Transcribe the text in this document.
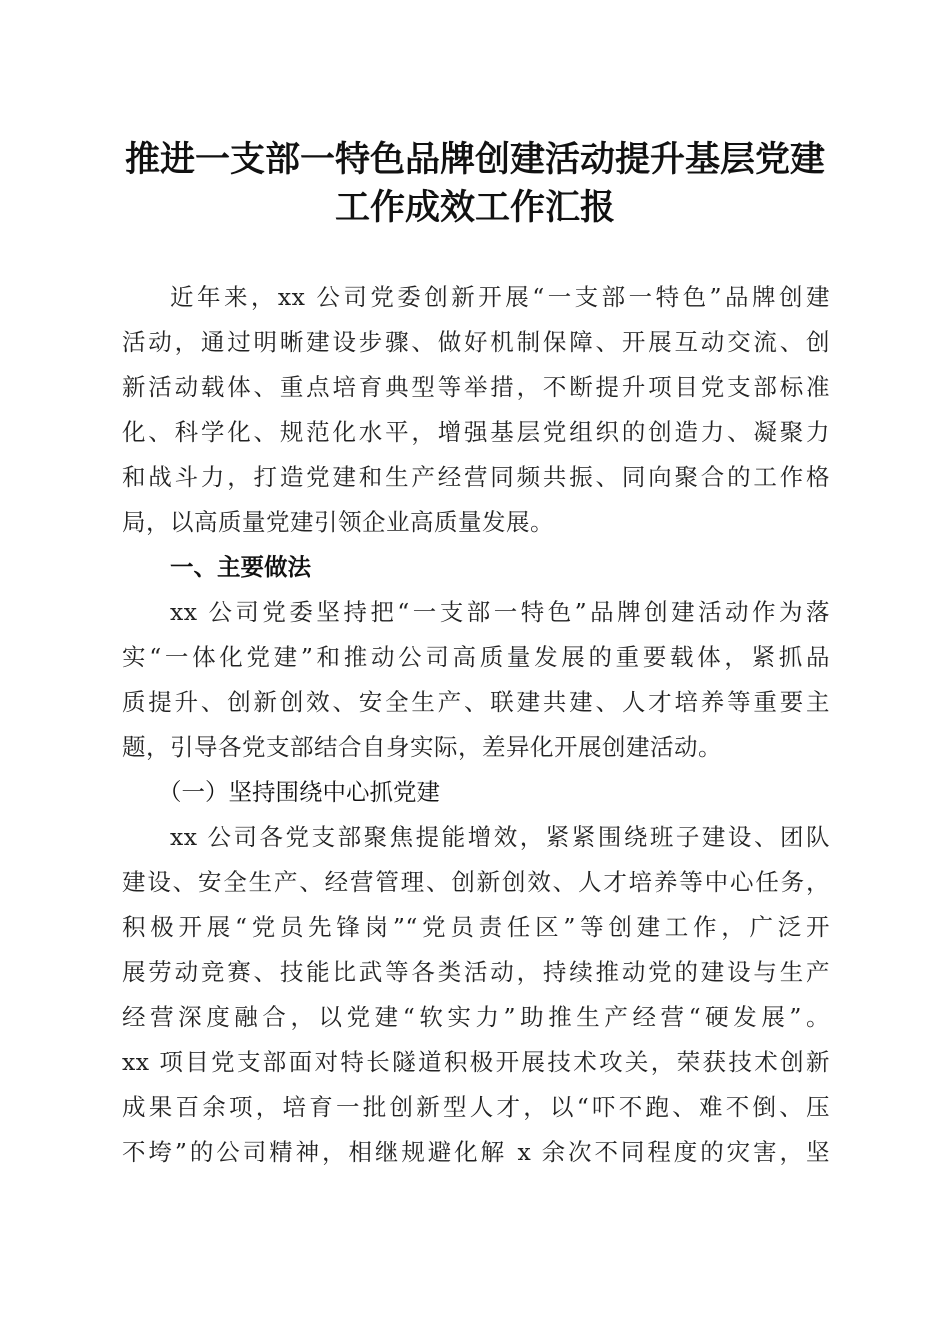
推进一支部一特色品牌创建活动提升基层党建
工作成效工作汇报
近年来，xx 公司党委创新开展“一支部一特色”品牌创建
活动，通过明晰建设步骤、做好机制保障、开展互动交流、创
新活动载体、重点培育典型等举措，不断提升项目党支部标准
化、科学化、规范化水平，增强基层党组织的创造力、凝聚力
和战斗力，打造党建和生产经营同频共振、同向聚合的工作格
局，以高质量党建引领企业高质量发展。
一、主要做法
xx 公司党委坚持把“一支部一特色”品牌创建活动作为落
实“一体化党建”和推动公司高质量发展的重要载体，紧抓品
质提升、创新创效、安全生产、联建共建、人才培养等重要主
题，引导各党支部结合自身实际，差异化开展创建活动。
（一）坚持围绕中心抓党建
xx 公司各党支部聚焦提能增效，紧紧围绕班子建设、团队
建设、安全生产、经营管理、创新创效、人才培养等中心任务，
积极开展“党员先锋岗”“党员责任区”等创建工作，广泛开
展劳动竞赛、技能比武等各类活动，持续推动党的建设与生产
经营深度融合，以党建“软实力”助推生产经营“硬发展”。
xx 项目党支部面对特长隧道积极开展技术攻关，荣获技术创新
成果百余项，培育一批创新型人才，以“吓不跑、难不倒、压
不垮”的公司精神，相继规避化解 x 余次不同程度的灾害，坚
